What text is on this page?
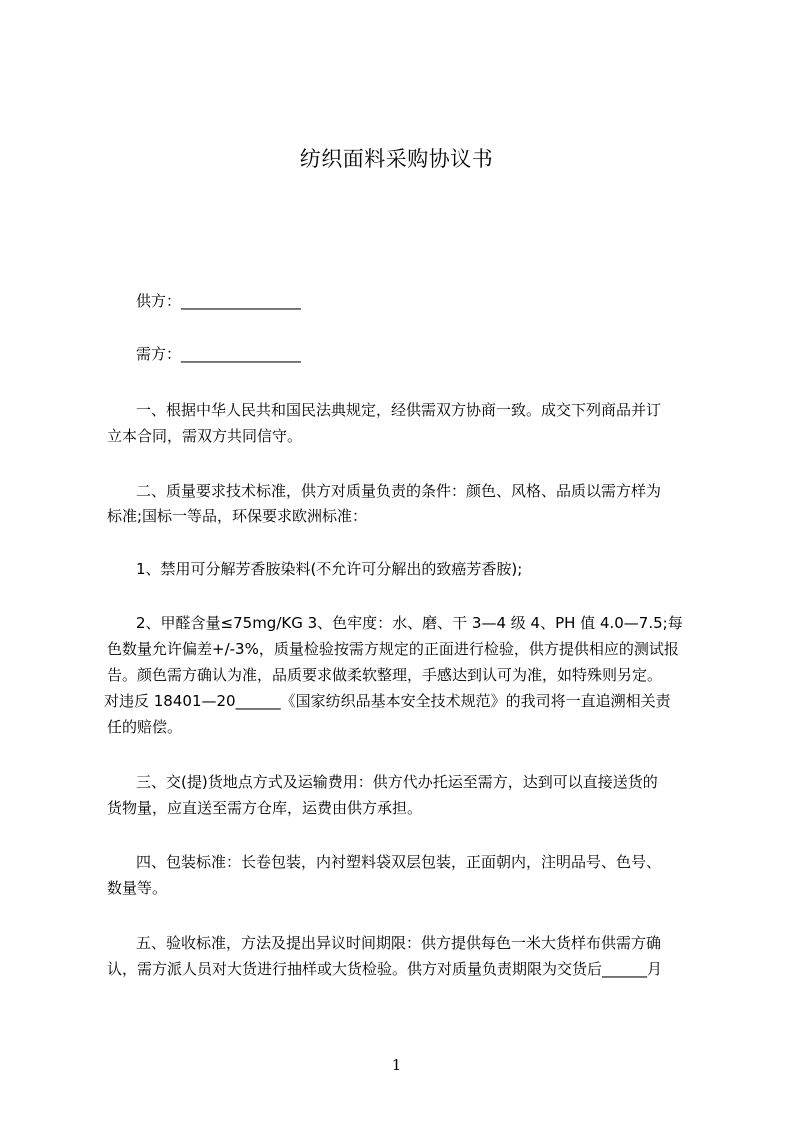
纺织面料采购协议书
供方：________________
需方：________________
一、根据中华人民共和国民法典规定，经供需双方协商一致。成交下列商品并订
立本合同，需双方共同信守。
二、质量要求技术标准，供方对质量负责的条件：颜色、风格、品质以需方样为
标准;国标一等品，环保要求欧洲标准：
1、禁用可分解芳香胺染料(不允许可分解出的致癌芳香胺);
2、甲醛含量≤75mg/KG 3、色牢度：水、磨、干 3—4 级 4、PH 值 4.0—7.5;每
色数量允许偏差+/-3%，质量检验按需方规定的正面进行检验，供方提供相应的测试报
告。颜色需方确认为准，品质要求做柔软整理，手感达到认可为准，如特殊则另定。
对违反 18401—20______《国家纺织品基本安全技术规范》的我司将一直追溯相关责
任的赔偿。
三、交(提)货地点方式及运输费用：供方代办托运至需方，达到可以直接送货的
货物量，应直送至需方仓库，运费由供方承担。
四、包装标准：长卷包装，内衬塑料袋双层包装，正面朝内，注明品号、色号、
数量等。
五、验收标准，方法及提出异议时间期限：供方提供每色一米大货样布供需方确
认，需方派人员对大货进行抽样或大货检验。供方对质量负责期限为交货后______月
1
